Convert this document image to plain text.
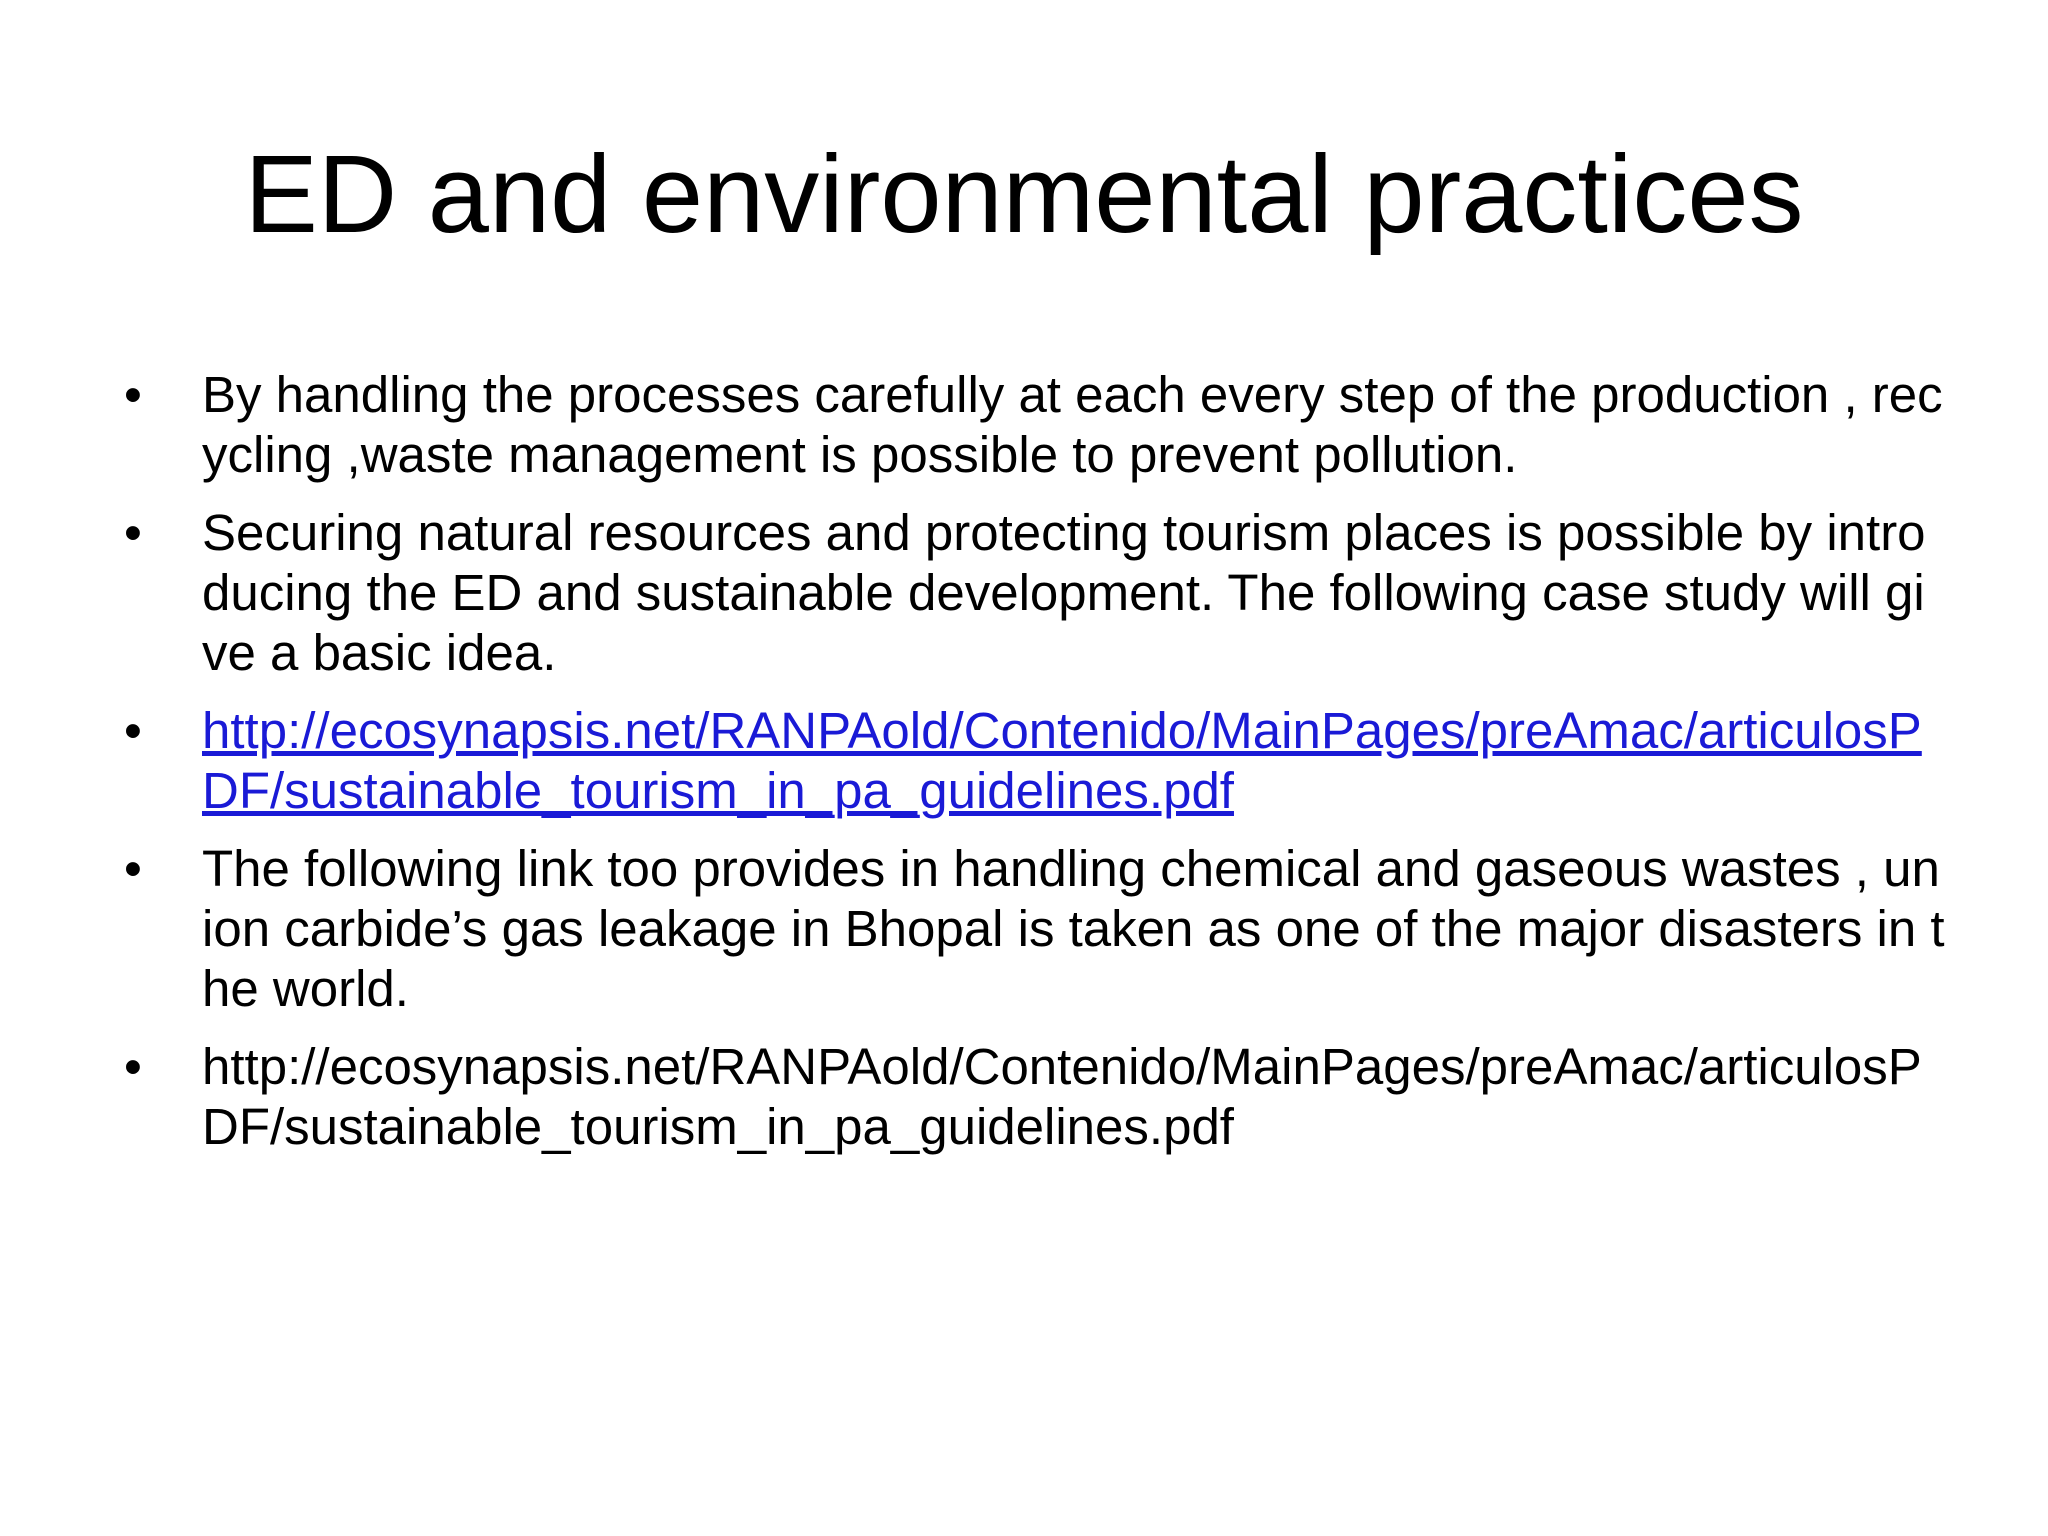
ED and environmental practices
• By handling the processes carefully at each every step of the production , recycling ,waste management is possible to prevent pollution.
• Securing natural resources and protecting tourism places is possible by introducing the ED and sustainable development. The following case study will give a basic idea.
• http://ecosynapsis.net/RANPAold/Contenido/MainPages/preAmac/articulosPDF/sustainable_tourism_in_pa_guidelines.pdf
• The following link too provides in handling chemical and gaseous wastes , union carbide’s gas leakage in Bhopal is taken as one of the major disasters in the world.
• http://ecosynapsis.net/RANPAold/Contenido/MainPages/preAmac/articulosPDF/sustainable_tourism_in_pa_guidelines.pdf
